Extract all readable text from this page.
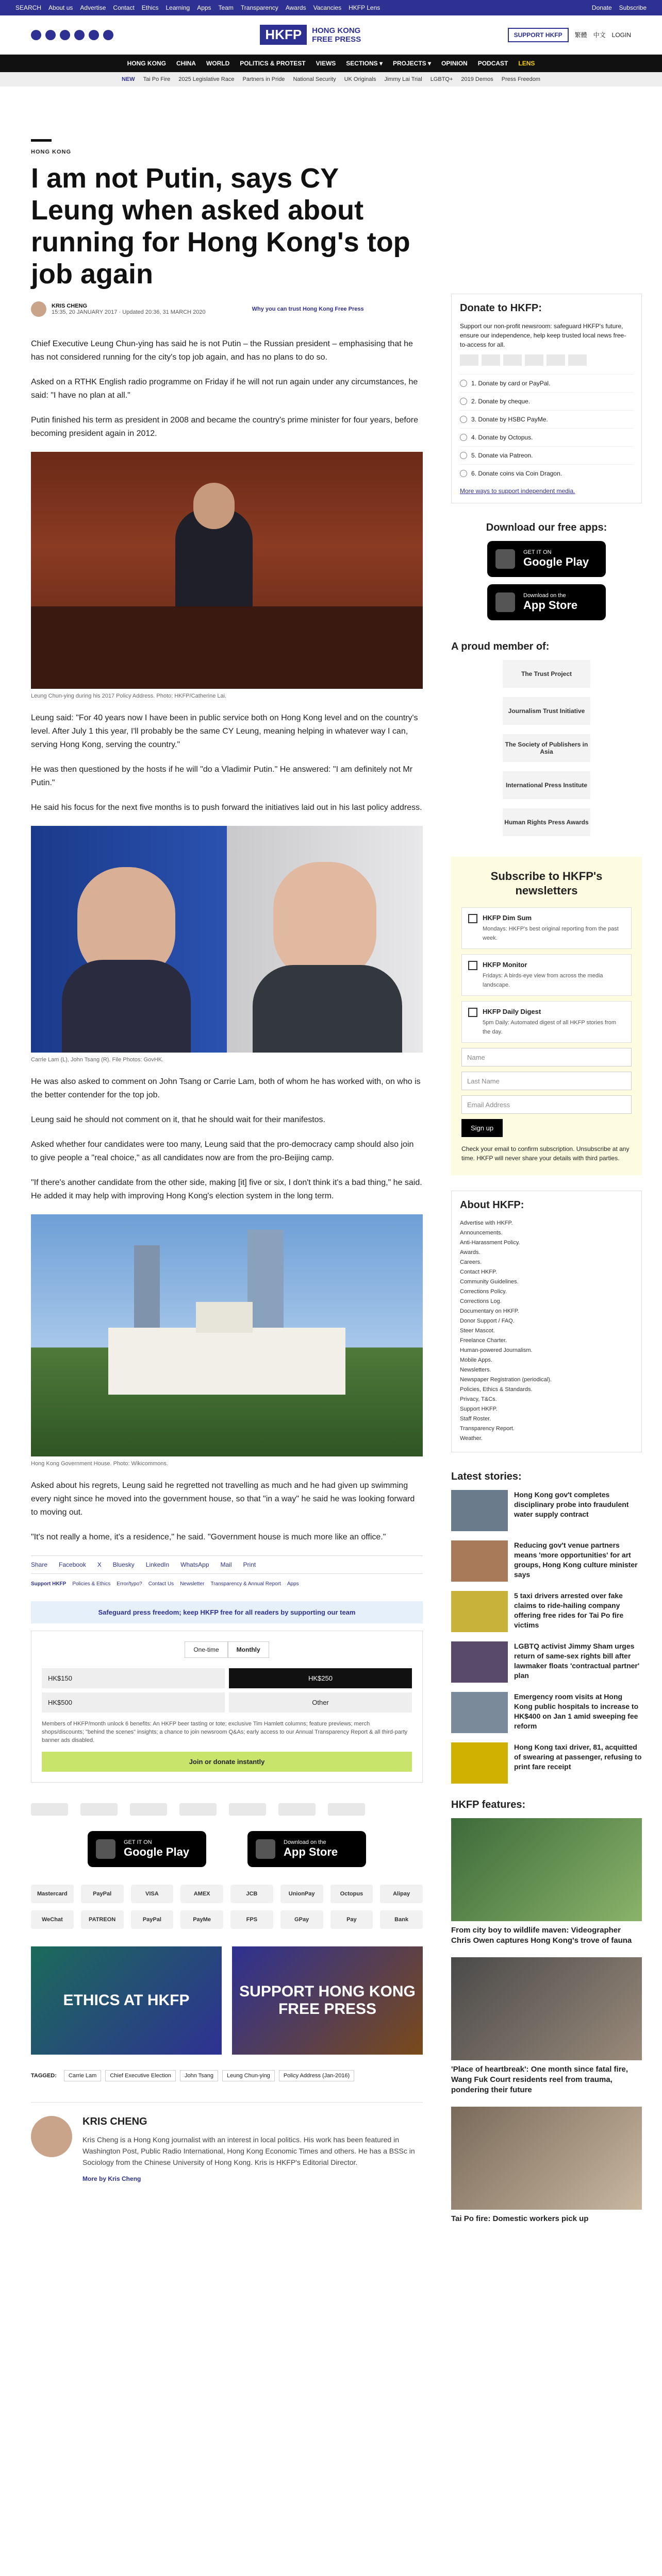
SEARCH About us Advertise Contact Ethics Learning Apps Team Transparency Awards Vacancies HKFP Lens	Donate Subscribe
HKFP	HONG KONG
FREE PRESS	SUPPORT HKFP	繁體 中文 LOGIN
HONG KONG CHINA WORLD POLITICS & PROTEST VIEWS SECTIONS ▾ PROJECTS ▾ OPINION PODCAST LENS
NEW Tai Po Fire 2025 Legislative Race Partners in Pride National Security UK Originals Jimmy Lai Trial LGBTQ+ 2019 Demos Press Freedom
HONG KONG
I am not Putin, says CY Leung when asked about running for Hong Kong's top job again
KRIS CHENG
15:35, 20 JANUARY 2017 · Updated 20:36, 31 MARCH 2020	Why you can trust Hong Kong Free Press

Chief Executive Leung Chun-ying has said he is not Putin – the Russian president – emphasising that he has not considered running for the city's top job again, and has no plans to do so.

Asked on a RTHK English radio programme on Friday if he will not run again under any circumstances, he said: "I have no plan at all."

Putin finished his term as president in 2008 and became the country's prime minister for four years, before becoming president again in 2012.

Leung Chun-ying during his 2017 Policy Address. Photo: HKFP/Catherine Lai.

Leung said: "For 40 years now I have been in public service both on Hong Kong level and on the country's level. After July 1 this year, I'll probably be the same CY Leung, meaning helping in whatever way I can, serving Hong Kong, serving the country."

He was then questioned by the hosts if he will "do a Vladimir Putin." He answered: "I am definitely not Mr Putin."

He said his focus for the next five months is to push forward the initiatives laid out in his last policy address.

Carrie Lam (L), John Tsang (R). File Photos: GovHK.

He was also asked to comment on John Tsang or Carrie Lam, both of whom he has worked with, on who is the better contender for the top job.

Leung said he should not comment on it, that he should wait for their manifestos.

Asked whether four candidates were too many, Leung said that the pro-democracy camp should also join to give people a "real choice," as all candidates now are from the pro-Beijing camp.

"If there's another candidate from the other side, making [it] five or six, I don't think it's a bad thing," he said. He added it may help with improving Hong Kong's election system in the long term.

Hong Kong Government House. Photo: Wikicommons.

Asked about his regrets, Leung said he regretted not travelling as much and he had given up swimming every night since he moved into the government house, so that "in a way" he said he was looking forward to moving out.

"It's not really a home, it's a residence," he said. "Government house is much more like an office."

Share Facebook X Bluesky LinkedIn WhatsApp Mail Print
Support HKFP Policies & Ethics Error/typo? Contact Us Newsletter Transparency & Annual Report Apps
Safeguard press freedom; keep HKFP free for all readers by supporting our team
One-time	Monthly
HK$150	HK$250
HK$500	Other
Members of HKFP/month unlock 6 benefits: An HKFP beer tasting or tote; exclusive Tim Hamlett columns; feature previews; merch shops/discounts; "behind the scenes" insights; a chance to join newsroom Q&As; early access to our Annual Transparency Report & all third-party banner ads disabled.
Join or donate instantly
GET IT ON
Google Play
Download on the
App Store
Mastercard	PayPal	VISA	AMEX	JCB	UnionPay	Octopus	Alipay
WeChat	PATREON	PayPal	PayMe	FPS	GPay	Pay	Bank
ETHICS AT HKFP
SUPPORT HONG KONG FREE PRESS
TAGGED:	Carrie Lam	Chief Executive Election	John Tsang	Leung Chun-ying	Policy Address (Jan-2016)
KRIS CHENG

Kris Cheng is a Hong Kong journalist with an interest in local politics. His work has been featured in Washington Post, Public Radio International, Hong Kong Economic Times and others. He has a BSSc in Sociology from the Chinese University of Hong Kong. Kris is HKFP's Editorial Director.

More by Kris Cheng
Donate to HKFP:

Support our non-profit newsroom: safeguard HKFP's future, ensure our independence, help keep trusted local news free-to-access for all.

1. Donate by card or PayPal.
2. Donate by cheque.
3. Donate by HSBC PayMe.
4. Donate by Octopus.
5. Donate via Patreon.
6. Donate coins via Coin Dragon.
More ways to support independent media.
Download our free apps:
GET IT ON
Google Play
Download on the
App Store
A proud member of:
The Trust Project
Journalism Trust Initiative
The Society of Publishers in Asia
International Press Institute
Human Rights Press Awards
Subscribe to HKFP's newsletters
HKFP Dim Sum
Mondays: HKFP's best original reporting from the past week.
HKFP Monitor
Fridays: A birds-eye view from across the media landscape.
HKFP Daily Digest
5pm Daily: Automated digest of all HKFP stories from the day.
Name
Last Name
Email Address
Sign up
Check your email to confirm subscription. Unsubscribe at any time. HKFP will never share your details with third parties.
About HKFP:
Advertise with HKFP.
Announcements.
Anti-Harassment Policy.
Awards.
Careers.
Contact HKFP.
Community Guidelines.
Corrections Policy.
Corrections Log.
Documentary on HKFP.
Donor Support / FAQ.
Steer Mascot.
Freelance Charter.
Human-powered Journalism.
Mobile Apps.
Newsletters.
Newspaper Registration (periodical).
Policies, Ethics & Standards.
Privacy, T&Cs.
Support HKFP.
Staff Roster.
Transparency Report.
Weather.
Latest stories:
Hong Kong gov't completes disciplinary probe into fraudulent water supply contract
Reducing gov't venue partners means 'more opportunities' for art groups, Hong Kong culture minister says
5 taxi drivers arrested over fake claims to ride-hailing company offering free rides for Tai Po fire victims
LGBTQ activist Jimmy Sham urges return of same-sex rights bill after lawmaker floats 'contractual partner' plan
Emergency room visits at Hong Kong public hospitals to increase to HK$400 on Jan 1 amid sweeping fee reform
Hong Kong taxi driver, 81, acquitted of swearing at passenger, refusing to print fare receipt
HKFP features:
From city boy to wildlife maven: Videographer Chris Owen captures Hong Kong's trove of fauna
'Place of heartbreak': One month since fatal fire, Wang Fuk Court residents reel from trauma, pondering their future
Tai Po fire: Domestic workers pick up
